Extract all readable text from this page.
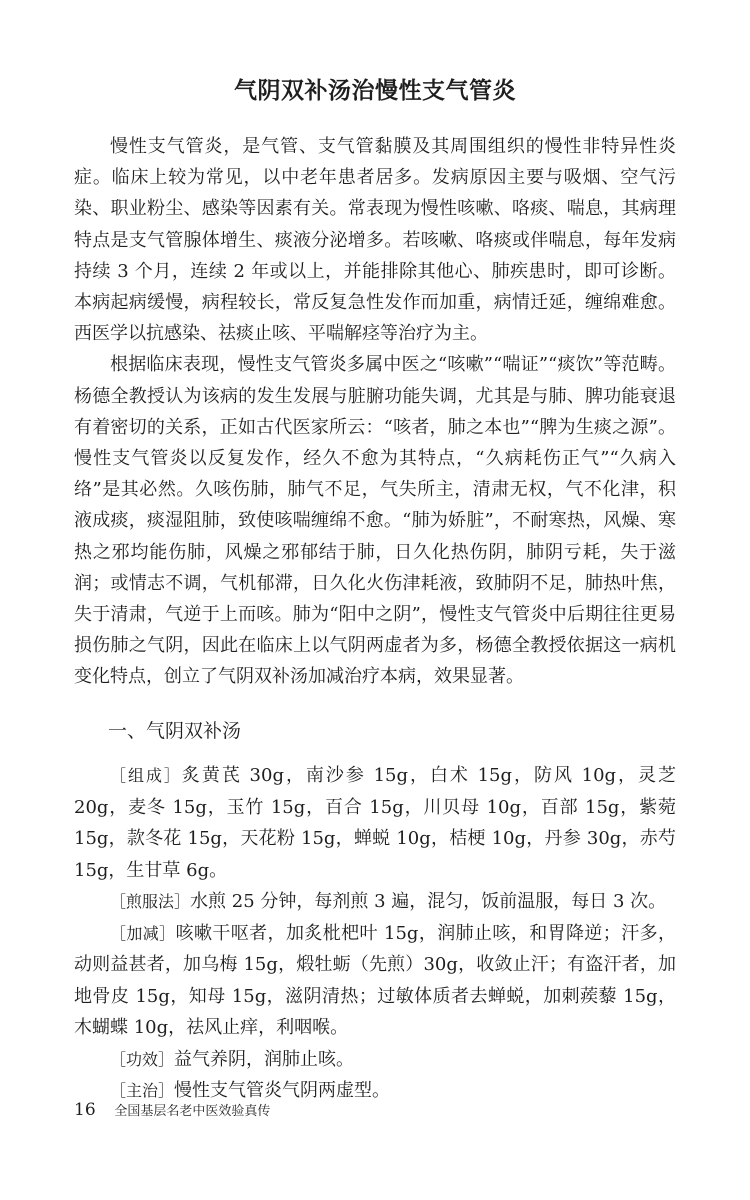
气阴双补汤治慢性支气管炎

慢性支气管炎，是气管、支气管黏膜及其周围组织的慢性非特异性炎症。临床上较为常见，以中老年患者居多。发病原因主要与吸烟、空气污染、职业粉尘、感染等因素有关。常表现为慢性咳嗽、咯痰、喘息，其病理特点是支气管腺体增生、痰液分泌增多。若咳嗽、咯痰或伴喘息，每年发病持续 3 个月，连续 2 年或以上，并能排除其他心、肺疾患时，即可诊断。本病起病缓慢，病程较长，常反复急性发作而加重，病情迁延，缠绵难愈。西医学以抗感染、祛痰止咳、平喘解痉等治疗为主。

根据临床表现，慢性支气管炎多属中医之“咳嗽”“喘证”“痰饮”等范畴。杨德全教授认为该病的发生发展与脏腑功能失调，尤其是与肺、脾功能衰退有着密切的关系，正如古代医家所云：“咳者，肺之本也”“脾为生痰之源”。慢性支气管炎以反复发作，经久不愈为其特点，“久病耗伤正气”“久病入络”是其必然。久咳伤肺，肺气不足，气失所主，清肃无权，气不化津，积液成痰，痰湿阻肺，致使咳喘缠绵不愈。“肺为娇脏”，不耐寒热，风燥、寒热之邪均能伤肺，风燥之邪郁结于肺，日久化热伤阴，肺阴亏耗，失于滋润；或情志不调，气机郁滞，日久化火伤津耗液，致肺阴不足，肺热叶焦，失于清肃，气逆于上而咳。肺为“阳中之阴”，慢性支气管炎中后期往往更易损伤肺之气阴，因此在临床上以气阴两虚者为多，杨德全教授依据这一病机变化特点，创立了气阴双补汤加减治疗本病，效果显著。

一、气阴双补汤

［组成］炙黄芪 30g，南沙参 15g，白术 15g，防风 10g，灵芝 20g，麦冬 15g，玉竹 15g，百合 15g，川贝母 10g，百部 15g，紫菀 15g，款冬花 15g，天花粉 15g，蝉蜕 10g，桔梗 10g，丹参 30g，赤芍 15g，生甘草 6g。

［煎服法］水煎 25 分钟，每剂煎 3 遍，混匀，饭前温服，每日 3 次。

［加减］咳嗽干呕者，加炙枇杷叶 15g，润肺止咳，和胃降逆；汗多，动则益甚者，加乌梅 15g，煅牡蛎（先煎）30g，收敛止汗；有盗汗者，加地骨皮 15g，知母 15g，滋阴清热；过敏体质者去蝉蜕，加刺蒺藜 15g，木蝴蝶 10g，祛风止痒，利咽喉。

［功效］益气养阴，润肺止咳。

［主治］慢性支气管炎气阴两虚型。

16 全国基层名老中医效验真传
